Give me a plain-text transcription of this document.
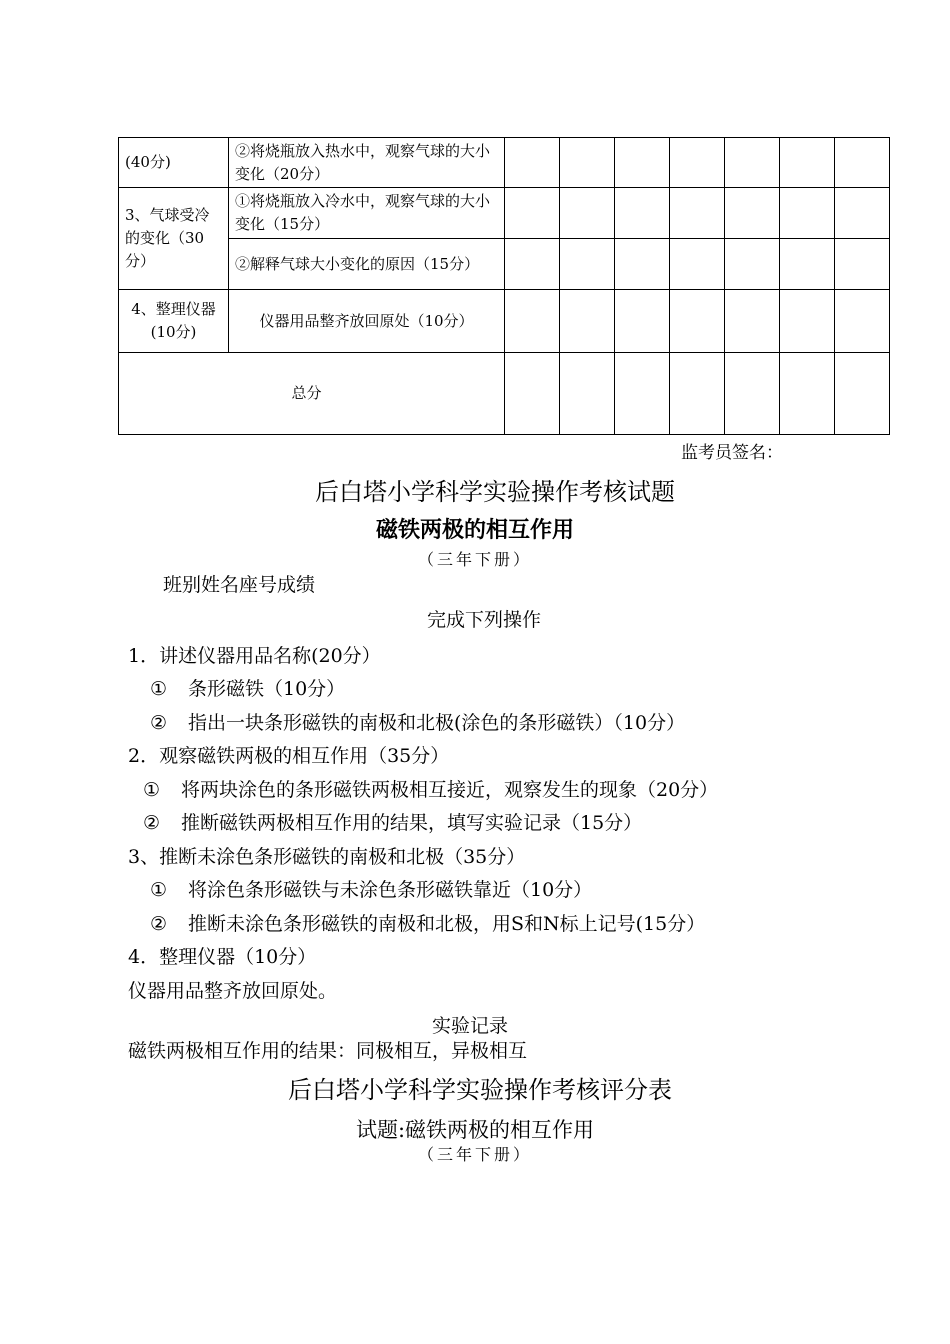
(40分)	②将烧瓶放入热水中，观察气球的大小变化（20分）							
3、气球受冷的变化（30分）	①将烧瓶放入冷水中，观察气球的大小变化（15分）							
	②解释气球大小变化的原因（15分）							
4、整理仪器(10分)	仪器用品整齐放回原处（10分）							

总分								

监考员签名：
后白塔小学科学实验操作考核试题
磁铁两极的相互作用
（三年下册）
班别姓名座号成绩
完成下列操作
1．讲述仪器用品名称(20分）
① 条形磁铁（10分）
② 指出一块条形磁铁的南极和北极(涂色的条形磁铁）（10分）
2．观察磁铁两极的相互作用（35分）
① 将两块涂色的条形磁铁两极相互接近，观察发生的现象（20分）
② 推断磁铁两极相互作用的结果，填写实验记录（15分）
3、推断未涂色条形磁铁的南极和北极（35分）
① 将涂色条形磁铁与未涂色条形磁铁靠近（10分）
② 推断未涂色条形磁铁的南极和北极，用S和N标上记号(15分）
4．整理仪器（10分）
仪器用品整齐放回原处。
实验记录
磁铁两极相互作用的结果：同极相互，异极相互
后白塔小学科学实验操作考核评分表
试题:磁铁两极的相互作用
（三年下册）
